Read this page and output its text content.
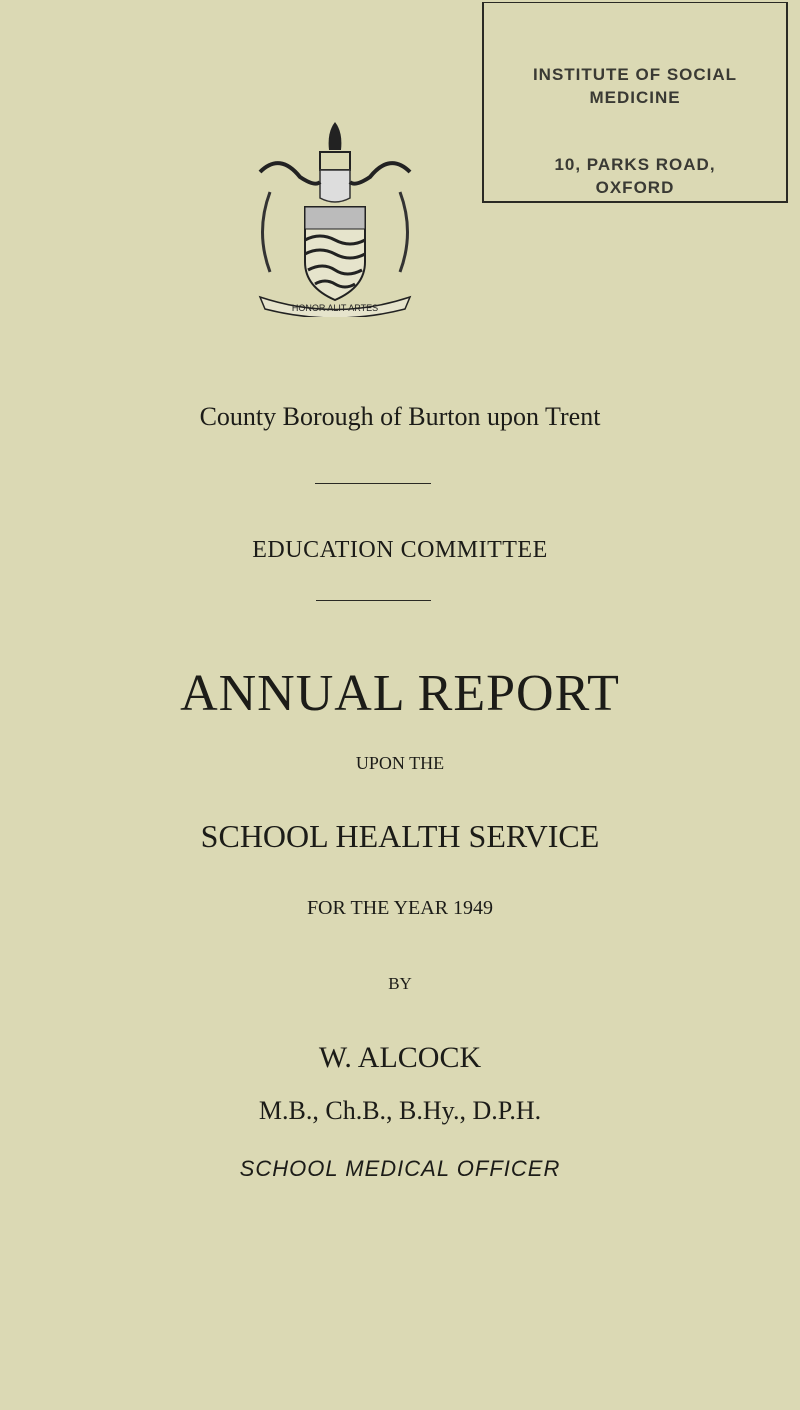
INSTITUTE OF SOCIAL
MEDICINE
10, PARKS ROAD,
OXFORD
HONOR ALIT ARTES
County Borough of Burton upon Trent
EDUCATION COMMITTEE
ANNUAL REPORT
UPON THE
SCHOOL HEALTH SERVICE
FOR THE YEAR 1949
BY
W. ALCOCK
M.B., Ch.B., B.Hy., D.P.H.
SCHOOL MEDICAL OFFICER
